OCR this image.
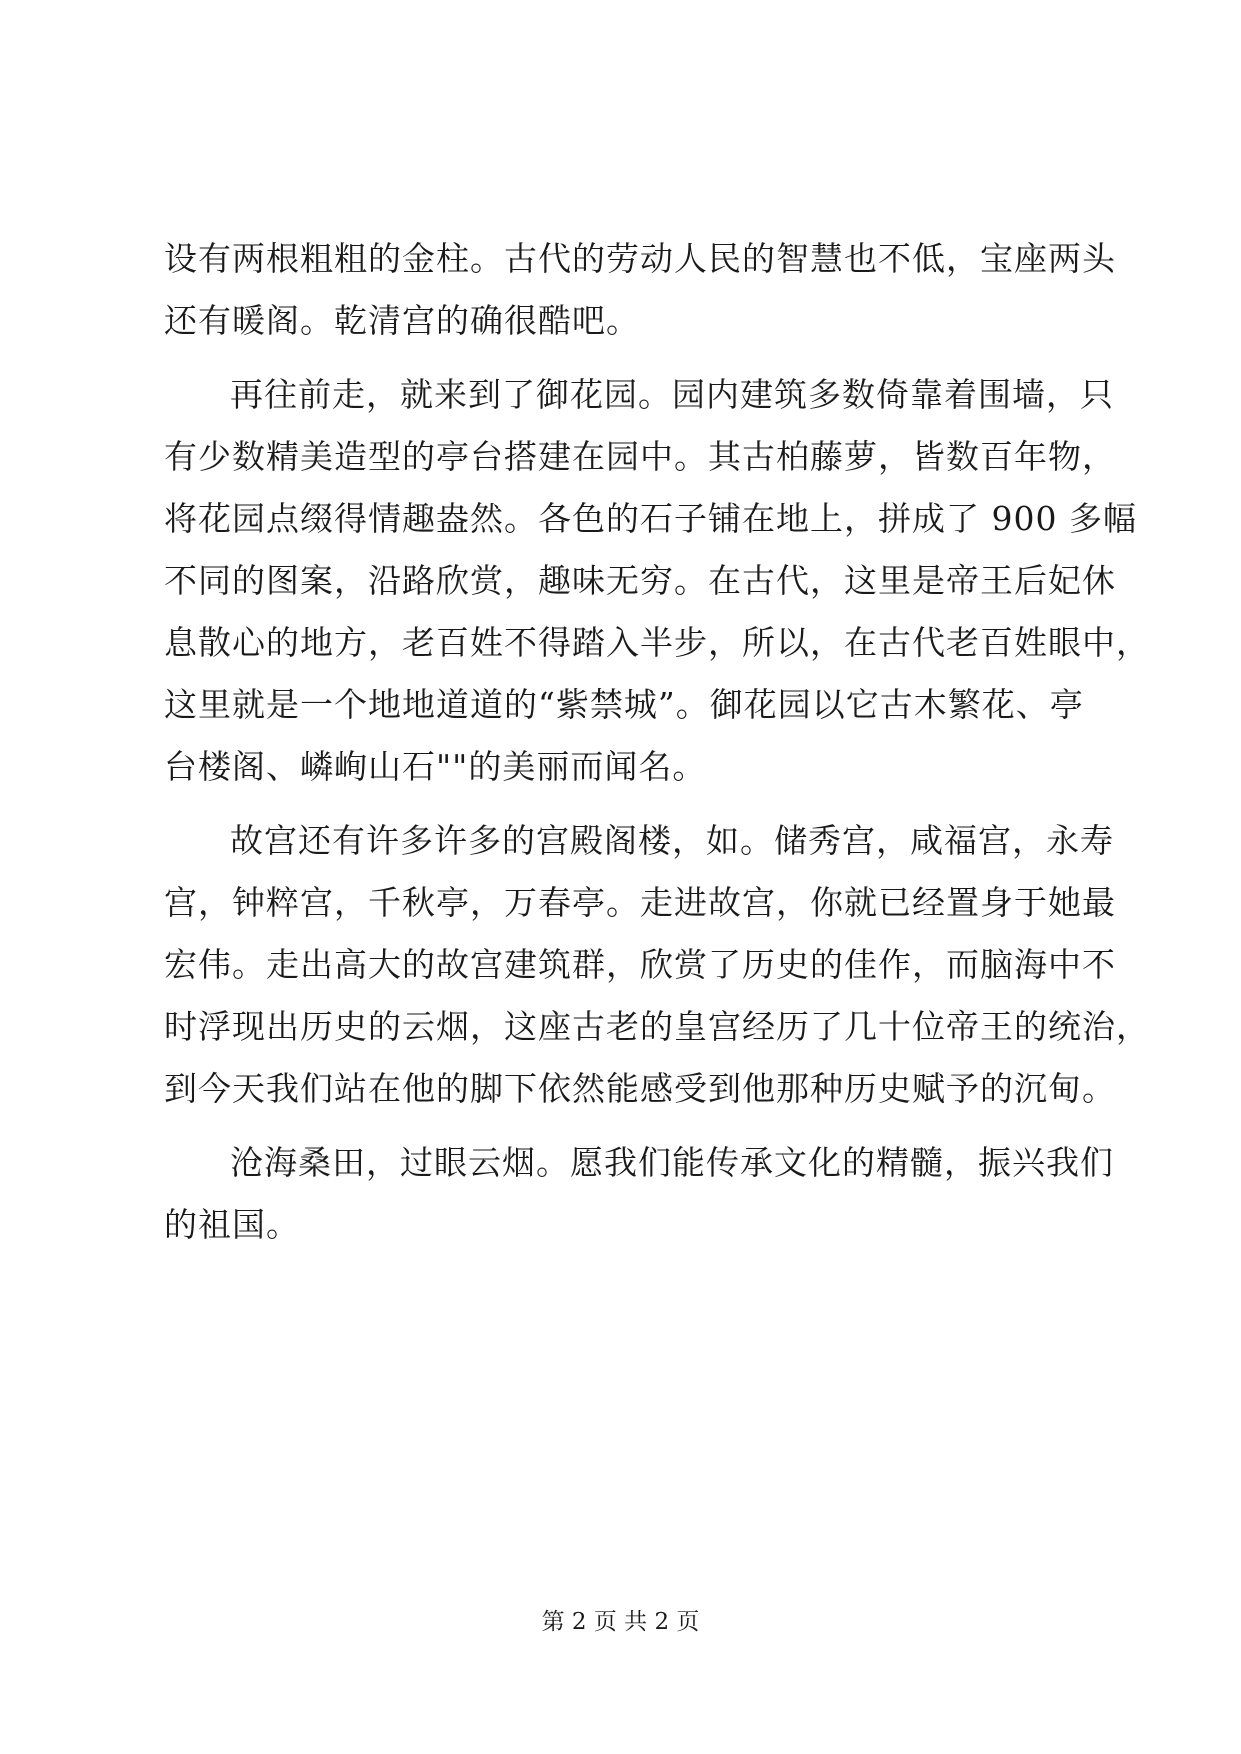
设有两根粗粗的金柱。古代的劳动人民的智慧也不低，宝座两头
还有暖阁。乾清宫的确很酷吧。
再往前走，就来到了御花园。园内建筑多数倚靠着围墙，只
有少数精美造型的亭台搭建在园中。其古柏藤萝，皆数百年物，
将花园点缀得情趣盎然。各色的石子铺在地上，拼成了 900 多幅
不同的图案，沿路欣赏，趣味无穷。在古代，这里是帝王后妃休
息散心的地方，老百姓不得踏入半步，所以，在古代老百姓眼中，
这里就是一个地地道道的“紫禁城”。御花园以它古木繁花、亭
台楼阁、嶙峋山石""的美丽而闻名。
故宫还有许多许多的宫殿阁楼，如。储秀宫，咸福宫，永寿
宫，钟粹宫，千秋亭，万春亭。走进故宫，你就已经置身于她最
宏伟。走出高大的故宫建筑群，欣赏了历史的佳作，而脑海中不
时浮现出历史的云烟，这座古老的皇宫经历了几十位帝王的统治，
到今天我们站在他的脚下依然能感受到他那种历史赋予的沉甸。
沧海桑田，过眼云烟。愿我们能传承文化的精髓，振兴我们
的祖国。
第 2 页 共 2 页
